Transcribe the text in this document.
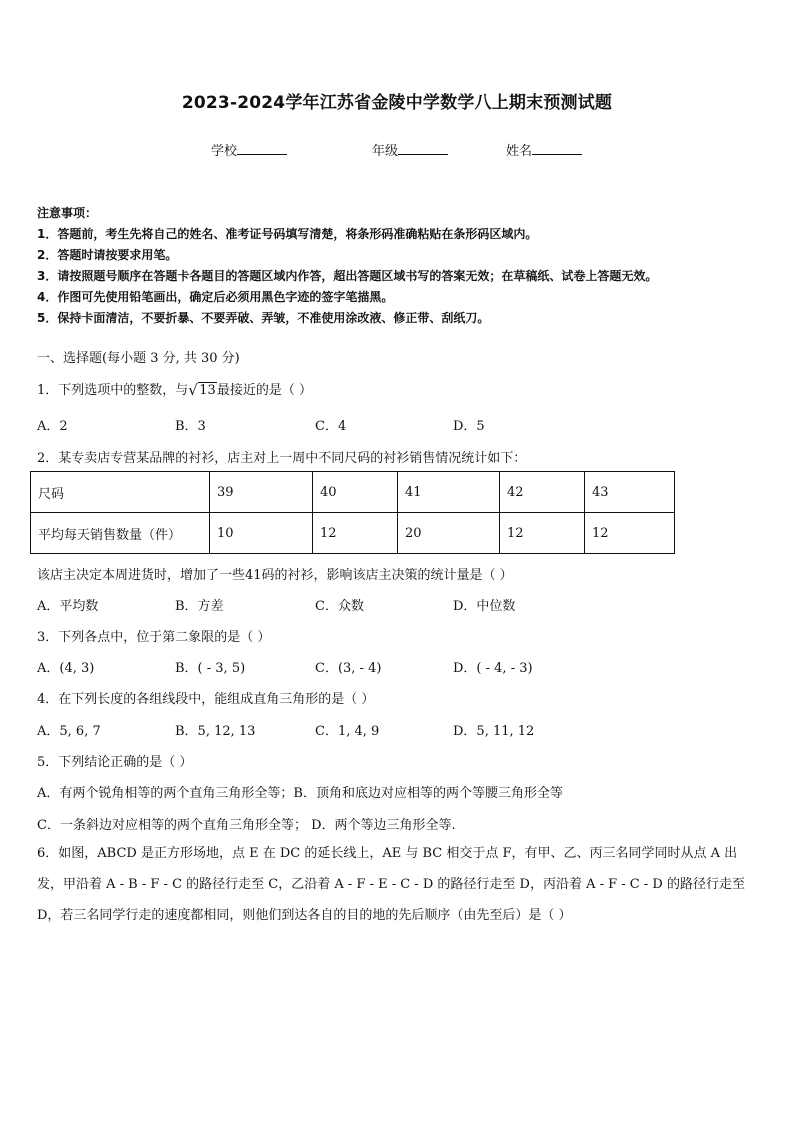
2023-2024学年江苏省金陵中学数学八上期末预测试题
学校	年级	姓名
注意事项：
1．答题前，考生先将自己的姓名、准考证号码填写清楚，将条形码准确粘贴在条形码区域内。
2．答题时请按要求用笔。
3．请按照题号顺序在答题卡各题目的答题区域内作答，超出答题区域书写的答案无效；在草稿纸、试卷上答题无效。
4．作图可先使用铅笔画出，确定后必须用黑色字迹的签字笔描黑。
5．保持卡面清洁，不要折暴、不要弄破、弄皱，不准使用涂改液、修正带、刮纸刀。
一、选择题(每小题 3 分, 共 30 分)
1．下列选项中的整数，与 √ 13最接近的是（ ）
A．2	B．3	C．4	D．5
2．某专卖店专营某品牌的衬衫，店主对上一周中不同尺码的衬衫销售情况统计如下：
尺码	39	40	41	42	43
平均每天销售数量（件）	10	12	20	12	12
该店主决定本周进货时，增加了一些41码的衬衫，影响该店主决策的统计量是（ ）
A．平均数	B．方差	C．众数	D．中位数
3．下列各点中，位于第二象限的是（ ）
A．(4, 3)	B．( - 3, 5)	C．(3, - 4)	D．( - 4, - 3)
4．在下列长度的各组线段中，能组成直角三角形的是（ ）
A．5, 6, 7	B．5, 12, 13	C．1, 4, 9	D．5, 11, 12
5．下列结论正确的是（ ）
A．有两个锐角相等的两个直角三角形全等；B．顶角和底边对应相等的两个等腰三角形全等
C．一条斜边对应相等的两个直角三角形全等； D．两个等边三角形全等.
6．如图，ABCD 是正方形场地，点 E 在 DC 的延长线上，AE 与 BC 相交于点 F，有甲、乙、丙三名同学同时从点 A 出发，甲沿着 A - B - F - C 的路径行走至 C，乙沿着 A - F - E - C - D 的路径行走至 D，丙沿着 A - F - C - D 的路径行走至 D，若三名同学行走的速度都相同，则他们到达各自的目的地的先后顺序（由先至后）是（ ）
